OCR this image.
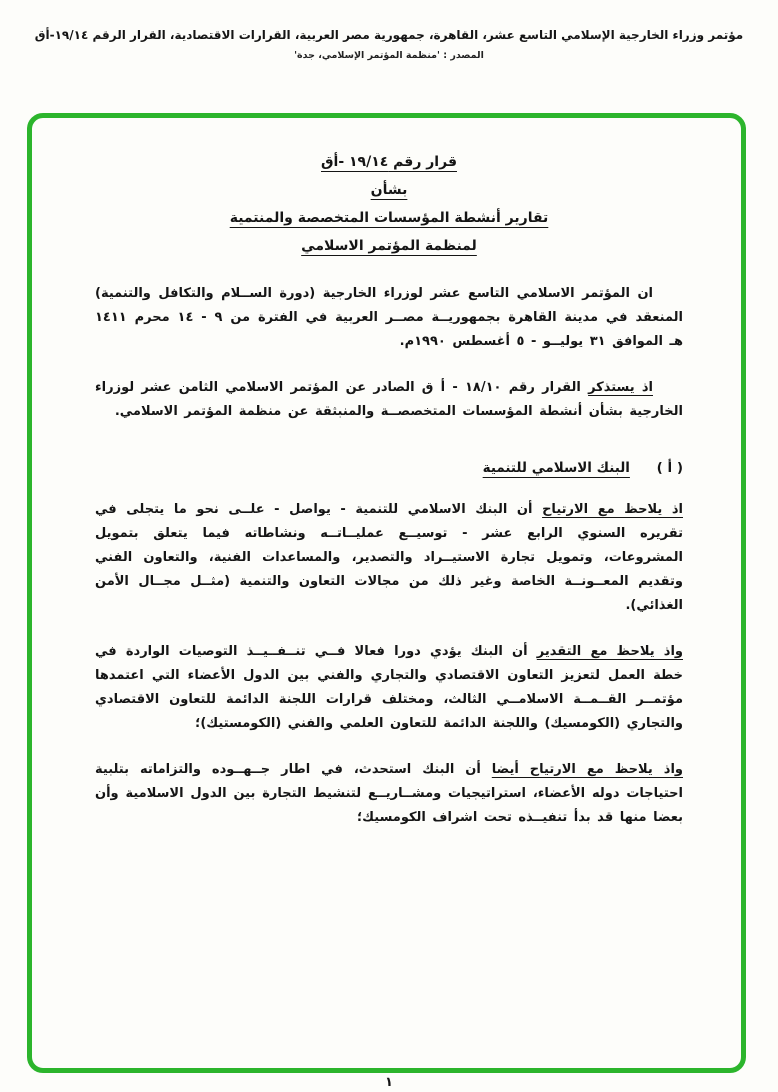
مؤتمر وزراء الخارجية الإسلامي التاسع عشر، القاهرة، جمهورية مصر العربية، القرارات الاقتصادية، القرار الرقم ١٩/١٤-أق
المصدر : 'منظمة المؤتمر الإسلامي، جدة'
قرار رقم ١٩/١٤ -أق
بشأن
تقارير أنشطة المؤسسات المتخصصة والمنتمية
لمنظمة المؤتمر الاسلامي

ان المؤتمر الاسلامي التاسع عشر لوزراء الخارجية (دورة الســلام والتكافل والتنمية) المنعقد في مدينة القاهرة بجمهوريــة مصــر العربية في الفترة من ٩ - ١٤ محرم ١٤١١ هـ الموافق ٣١ يوليــو - ٥ أغسطس ١٩٩٠م.

اذ يستذكر القرار رقم ١٨/١٠ - أ ق الصادر عن المؤتمر الاسلامي الثامن عشر لوزراء الخارجية بشأن أنشطة المؤسسات المتخصصــة والمنبثقة عن منظمة المؤتمر الاسلامي.

( أ ) البنك الاسلامي للتنمية

اذ يلاحظ مع الارتياح أن البنك الاسلامي للتنمية - يواصل - علــى نحو ما يتجلى في تقريره السنوي الرابع عشر - توسيــع عمليــاتــه ونشاطاته فيما يتعلق بتمويل المشروعات، وتمويل تجارة الاستيــراد والتصدير، والمساعدات الفنية، والتعاون الفني وتقديم المعــونــة الخاصة وغير ذلك من مجالات التعاون والتنمية (مثــل مجــال الأمن الغذائي).

واذ يلاحظ مع التقدير أن البنك يؤدي دورا فعالا فــي تنــفــيــذ التوصيات الواردة في خطة العمل لتعزيز التعاون الاقتصادي والتجاري والفني بين الدول الأعضاء التي اعتمدها مؤتمــر القــمــة الاسلامــي الثالث، ومختلف قرارات اللجنة الدائمة للتعاون الاقتصادي والتجاري (الكومسيك) واللجنة الدائمة للتعاون العلمي والفني (الكومستيك)؛

واذ يلاحظ مع الارتياح أيضا أن البنك استحدث، في اطار جــهــوده والتزاماته بتلبية احتياجات دوله الأعضاء، استراتيجيات ومشــاريــع لتنشيط التجارة بين الدول الاسلامية وأن بعضا منها قد بدأ تنفيــذه تحت اشراف الكومسيك؛

١
